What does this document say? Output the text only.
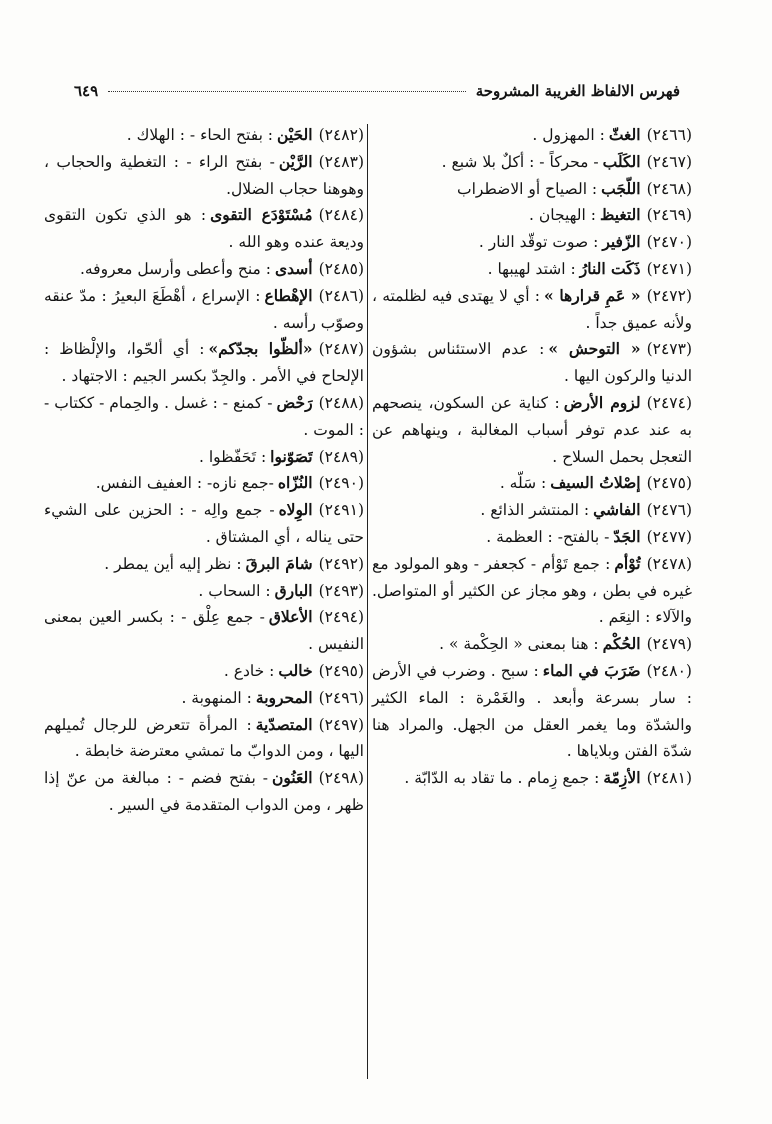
فهرس الالفاظ الغريبة المشروحة
٦٤٩
(٢٤٦٦)الغثّ: المهزول .
(٢٤٦٧)الكَلَب- محركاً - : أكلٌ بلا شبع .
(٢٤٦٨)اللّجَب: الصياح أو الاضطراب
(٢٤٦٩)التغيظ: الهيجان .
(٢٤٧٠)الزّفير: صوت توقّد النار .
(٢٤٧١)ذَكَت النارُ: اشتد لهيبها .
(٢٤٧٢)« عَمِ قرارها »: أي لا يهتدى فيه لظلمته ، ولأنه عميق جداً .
(٢٤٧٣)« التوحش »: عدم الاستئناس بشؤون الدنيا والركون اليها .
(٢٤٧٤)لزوم الأرض: كناية عن السكون، ينصحهم به عند عدم توفر أسباب المغالبة ، وينهاهم عن التعجل بحمل السلاح .
(٢٤٧٥)إصْلاتُ السيف: سَلّه .
(٢٤٧٦)الفاشي: المنتشر الذائع .
(٢٤٧٧)الجَدّ- بالفتح- : العظمة .
(٢٤٧٨)تُوْأم: جمع تَوْأم - كجعفر - وهو المولود مع غيره في بطن ، وهو مجاز عن الكثير أو المتواصل. والآلاء : النِعَم .
(٢٤٧٩)الحُكْم: هنا بمعنى « الحِكْمة » .
(٢٤٨٠)ضَرَبَ في الماء: سبح . وضرب في الأرض : سار بسرعة وأبعد . والغَمْرة : الماء الكثير والشدّة وما يغمر العقل من الجهل. والمراد هنا شدّة الفتن وبلاياها .
(٢٤٨١)الأزِمّة: جمع زِمام . ما تقاد به الدّابّة .
(٢٤٨٢)الحَيْن: بفتح الحاء - : الهلاك .
(٢٤٨٣)الرَّيْن- بفتح الراء - : التغطية والحجاب ، وهوهنا حجاب الضلال.
(٢٤٨٤)مُسْتَوْدَع التقوى: هو الذي تكون التقوى وديعة عنده وهو الله .
(٢٤٨٥)أسدى: منح وأعطى وأرسل معروفه.
(٢٤٨٦)الإهْطاع: الإسراع ، أهْطَعَ البعيرُ : مدّ عنقه وصوّب رأسه .
(٢٤٨٧)«ألظّوا بجدّكم»: أي ألحّوا، والإلْظاظ : الإلحاح في الأمر . والجِدّ بكسر الجيم : الاجتهاد .
(٢٤٨٨)رَحْض- كمنع - : غسل . والحِمام - ككتاب - : الموت .
(٢٤٨٩)تَصَوّنوا: تَحَفّظوا .
(٢٤٩٠)النُزّاه-جمع نازه- : العفيف النفس.
(٢٤٩١)الوِلاه- جمع والِه - : الحزين على الشيء حتى يناله ، أي المشتاق .
(٢٤٩٢)شامَ البرقَ: نظر إليه أين يمطر .
(٢٤٩٣)البارق: السحاب .
(٢٤٩٤)الأعلاق- جمع عِلْق - : بكسر العين بمعنى النفيس .
(٢٤٩٥)خالب: خادع .
(٢٤٩٦)المحروبة: المنهوبة .
(٢٤٩٧)المتصدّية: المرأة تتعرض للرجال تُميلهم اليها ، ومن الدوابّ ما تمشي معترضة خابطة .
(٢٤٩٨)العَنُون- بفتح فضم - : مبالغة من عنّ إذا ظهر ، ومن الدواب المتقدمة في السير .
